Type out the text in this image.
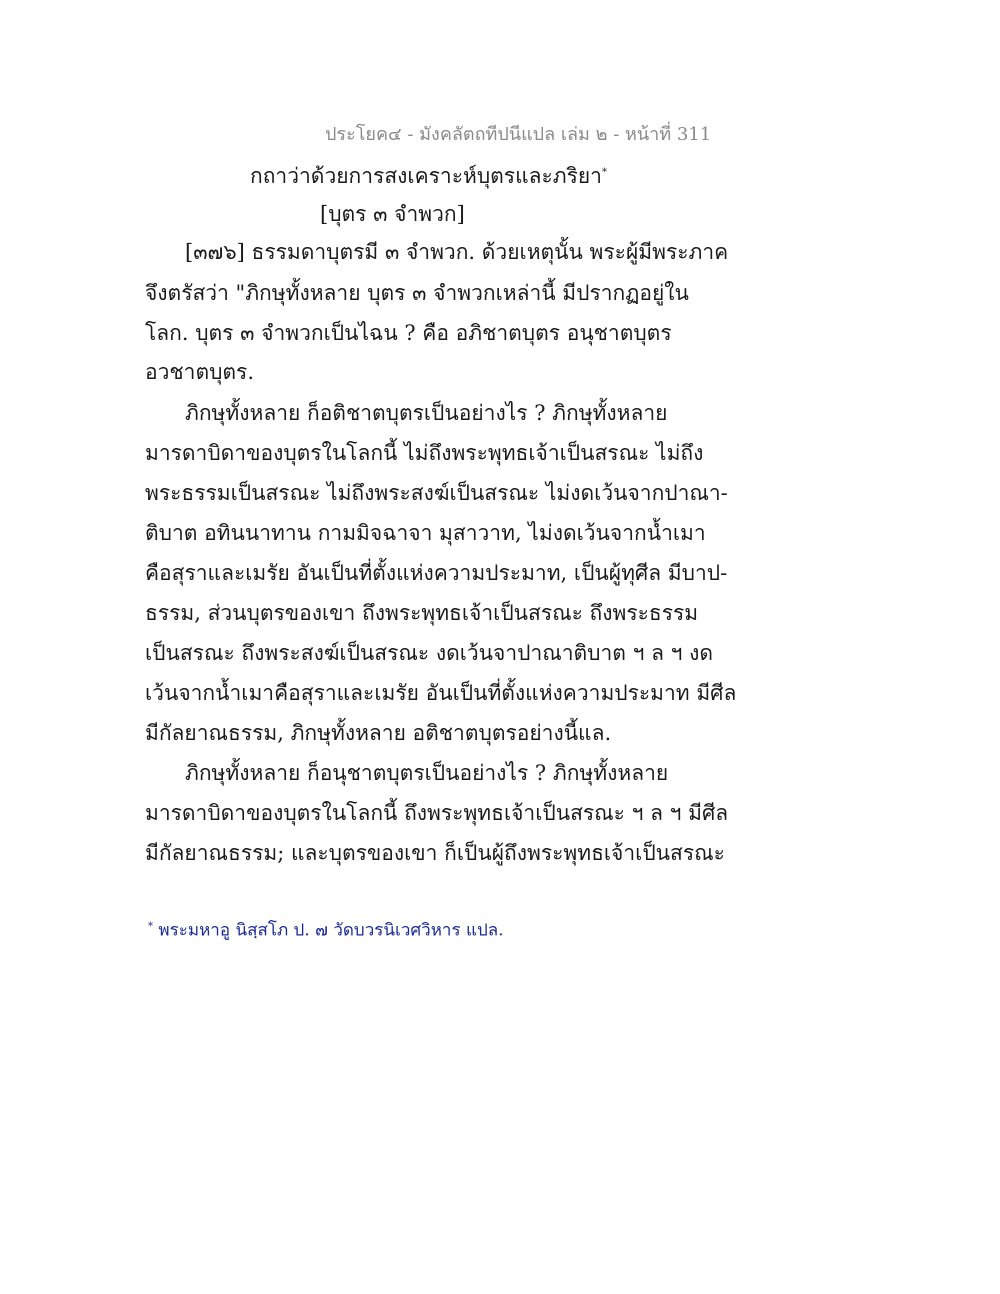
ประโยค๔ - มังคลัตถทีปนีแปล เล่ม ๒ - หน้าที่ 311
กถาว่าด้วยการสงเคราะห์บุตรและภริยา*
[บุตร ๓ จำพวก]
[๓๗๖] ธรรมดาบุตรมี ๓ จำพวก. ด้วยเหตุนั้น พระผู้มีพระภาค
จึงตรัสว่า "ภิกษุทั้งหลาย บุตร ๓ จำพวกเหล่านี้ มีปรากฏอยู่ใน
โลก. บุตร ๓ จำพวกเป็นไฉน ? คือ อภิชาตบุตร อนุชาตบุตร
อวชาตบุตร.
ภิกษุทั้งหลาย ก็อติชาตบุตรเป็นอย่างไร ? ภิกษุทั้งหลาย
มารดาบิดาของบุตรในโลกนี้ ไม่ถึงพระพุทธเจ้าเป็นสรณะ ไม่ถึง
พระธรรมเป็นสรณะ ไม่ถึงพระสงฆ์เป็นสรณะ ไม่งดเว้นจากปาณา-
ติบาต อทินนาทาน กามมิจฉาจา มุสาวาท, ไม่งดเว้นจากน้ำเมา
คือสุราและเมรัย อันเป็นที่ตั้งแห่งความประมาท, เป็นผู้ทุศีล มีบาป-
ธรรม, ส่วนบุตรของเขา ถึงพระพุทธเจ้าเป็นสรณะ ถึงพระธรรม
เป็นสรณะ ถึงพระสงฆ์เป็นสรณะ งดเว้นจาปาณาติบาต ฯ ล ฯ งด
เว้นจากน้ำเมาคือสุราและเมรัย อันเป็นที่ตั้งแห่งความประมาท มีศีล
มีกัลยาณธรรม, ภิกษุทั้งหลาย อติชาตบุตรอย่างนี้แล.
ภิกษุทั้งหลาย ก็อนุชาตบุตรเป็นอย่างไร ? ภิกษุทั้งหลาย
มารดาบิดาของบุตรในโลกนี้ ถึงพระพุทธเจ้าเป็นสรณะ ฯ ล ฯ มีศีล
มีกัลยาณธรรม; และบุตรของเขา ก็เป็นผู้ถึงพระพุทธเจ้าเป็นสรณะ
* พระมหาอู นิสฺสโภ ป. ๗ วัดบวรนิเวศวิหาร แปล.
